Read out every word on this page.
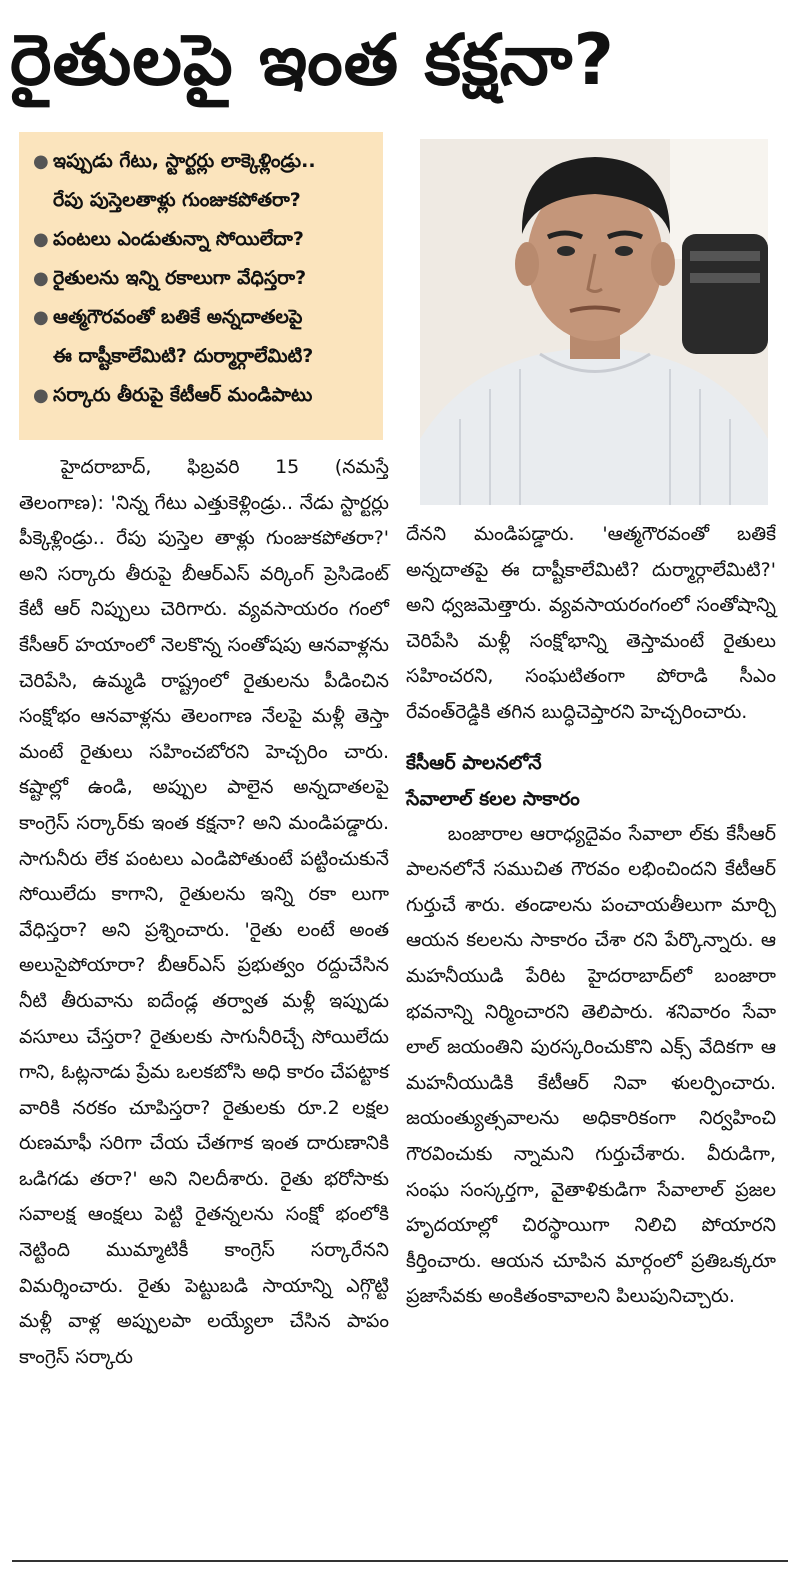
రైతులపై ఇంత కక్షనా?
● ఇప్పుడు గేటు, స్టార్టర్లు లాక్కెళ్లిండ్రు..
రేపు పుస్తెలతాళ్లు గుంజుకపోతరా?
● పంటలు ఎండుతున్నా సోయిలేదా?
● రైతులను ఇన్ని రకాలుగా వేధిస్తరా?
● ఆత్మగౌరవంతో బతికే అన్నదాతలపై
ఈ దాష్టీకాలేమిటి? దుర్మార్గాలేమిటి?
● సర్కారు తీరుపై కేటీఆర్ మండిపాటు

హైదరాబాద్, ఫిబ్రవరి 15 (నమస్తే తెలంగాణ): 'నిన్న గేటు ఎత్తుకెళ్లిండ్రు.. నేడు స్టార్టర్లు పీక్కెళ్లిండ్రు.. రేపు పుస్తెల తాళ్లు గుంజుకపోతరా?' అని సర్కారు తీరుపై బీఆర్ఎస్ వర్కింగ్ ప్రెసిడెంట్ కేటీ ఆర్ నిప్పులు చెరిగారు. వ్యవసాయరం గంలో కేసీఆర్ హయాంలో నెలకొన్న సంతోషపు ఆనవాళ్లను చెరిపేసి, ఉమ్మడి రాష్ట్రంలో రైతులను పీడించిన సంక్షోభం ఆనవాళ్లను తెలంగాణ నేలపై మళ్లీ తెస్తా మంటే రైతులు సహించబోరని హెచ్చరిం చారు. కష్టాల్లో ఉండి, అప్పుల పాలైన అన్నదాతలపై కాంగ్రెస్ సర్కార్‌కు ఇంత కక్షనా? అని మండిపడ్డారు. సాగునీరు లేక పంటలు ఎండిపోతుంటే పట్టించుకునే సోయిలేదు కాగాని, రైతులను ఇన్ని రకా లుగా వేధిస్తరా? అని ప్రశ్నించారు. 'రైతు లంటే అంత అలుసైపోయారా? బీఆర్ఎస్ ప్రభుత్వం రద్దుచేసిన నీటి తీరువాను ఐదేండ్ల తర్వాత మళ్లీ ఇప్పుడు వసూలు చేస్తరా? రైతులకు సాగునీరిచ్చే సోయిలేదు గాని, ఓట్లనాడు ప్రేమ ఒలకబోసి అధి కారం చేపట్టాక వారికి నరకం చూపిస్తరా? రైతులకు రూ.2 లక్షల రుణమాఫీ సరిగా చేయ చేతగాక ఇంత దారుణానికి ఒడిగడు తరా?' అని నిలదీశారు. రైతు భరోసాకు సవాలక్ష ఆంక్షలు పెట్టి రైతన్నలను సంక్షో భంలోకి నెట్టింది ముమ్మాటికీ కాంగ్రెస్ సర్కారేనని విమర్శించారు. రైతు పెట్టుబడి సాయాన్ని ఎగ్గొట్టి మళ్లీ వాళ్ల అప్పులపా లయ్యేలా చేసిన పాపం కాంగ్రెస్ సర్కారు

దేనని మండిపడ్డారు. 'ఆత్మగౌరవంతో బతికే అన్నదాతపై ఈ దాష్టీకాలేమిటి? దుర్మార్గాలేమిటి?' అని ధ్వజమెత్తారు. వ్యవసాయరంగంలో సంతోషాన్ని చెరిపేసి మళ్లీ సంక్షోభాన్ని తెస్తామంటే రైతులు సహించరని, సంఘటితంగా పోరాడి సీఎం రేవంత్‌రెడ్డికి తగిన బుద్ధిచెప్తారని హెచ్చరించారు.

కేసీఆర్ పాలనలోనే
సేవాలాల్ కలల సాకారం

బంజారాల ఆరాధ్యదైవం సేవాలా ల్‌కు కేసీఆర్ పాలనలోనే సముచిత గౌరవం లభించిందని కేటీఆర్ గుర్తుచే శారు. తండాలను పంచాయతీలుగా మార్చి ఆయన కలలను సాకారం చేశా రని పేర్కొన్నారు. ఆ మహనీయుడి పేరిట హైదరాబాద్‌లో బంజారా భవనాన్ని నిర్మించారని తెలిపారు. శనివారం సేవా లాల్ జయంతిని పురస్కరించుకొని ఎక్స్ వేదికగా ఆ మహనీయుడికి కేటీఆర్ నివా ళులర్పించారు. జయంత్యుత్సవాలను అధికారికంగా నిర్వహించి గౌరవించుకు న్నామని గుర్తుచేశారు. వీరుడిగా, సంఘ సంస్కర్తగా, వైతాళికుడిగా సేవాలాల్ ప్రజల హృదయాల్లో చిరస్థాయిగా నిలిచి పోయారని కీర్తించారు. ఆయన చూపిన మార్గంలో ప్రతిఒక్కరూ ప్రజాసేవకు అంకితంకావాలని పిలుపునిచ్చారు.
